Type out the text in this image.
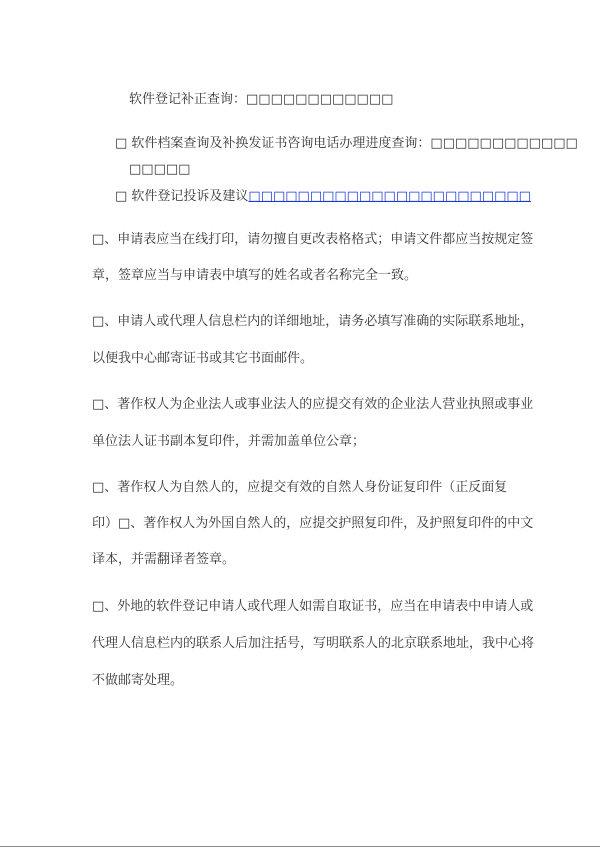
软件登记补正查询：□□□□□□□□□□□□
□ 软件档案查询及补换发证书咨询电话办理进度查询：□□□□□□□□□□□□
□□□□□
□ 软件登记投诉及建议□□□□□□□□□□□□□□□□□□□□□□□
□、申请表应当在线打印，请勿擅自更改表格格式；申请文件都应当按规定签
章，签章应当与申请表中填写的姓名或者名称完全一致。
□、申请人或代理人信息栏内的详细地址，请务必填写准确的实际联系地址，
以便我中心邮寄证书或其它书面邮件。
□、著作权人为企业法人或事业法人的应提交有效的企业法人营业执照或事业
单位法人证书副本复印件，并需加盖单位公章；
□、著作权人为自然人的，应提交有效的自然人身份证复印件（正反面复
印）□、著作权人为外国自然人的，应提交护照复印件，及护照复印件的中文
译本，并需翻译者签章。
□、外地的软件登记申请人或代理人如需自取证书，应当在申请表中申请人或
代理人信息栏内的联系人后加注括号，写明联系人的北京联系地址，我中心将
不做邮寄处理。
